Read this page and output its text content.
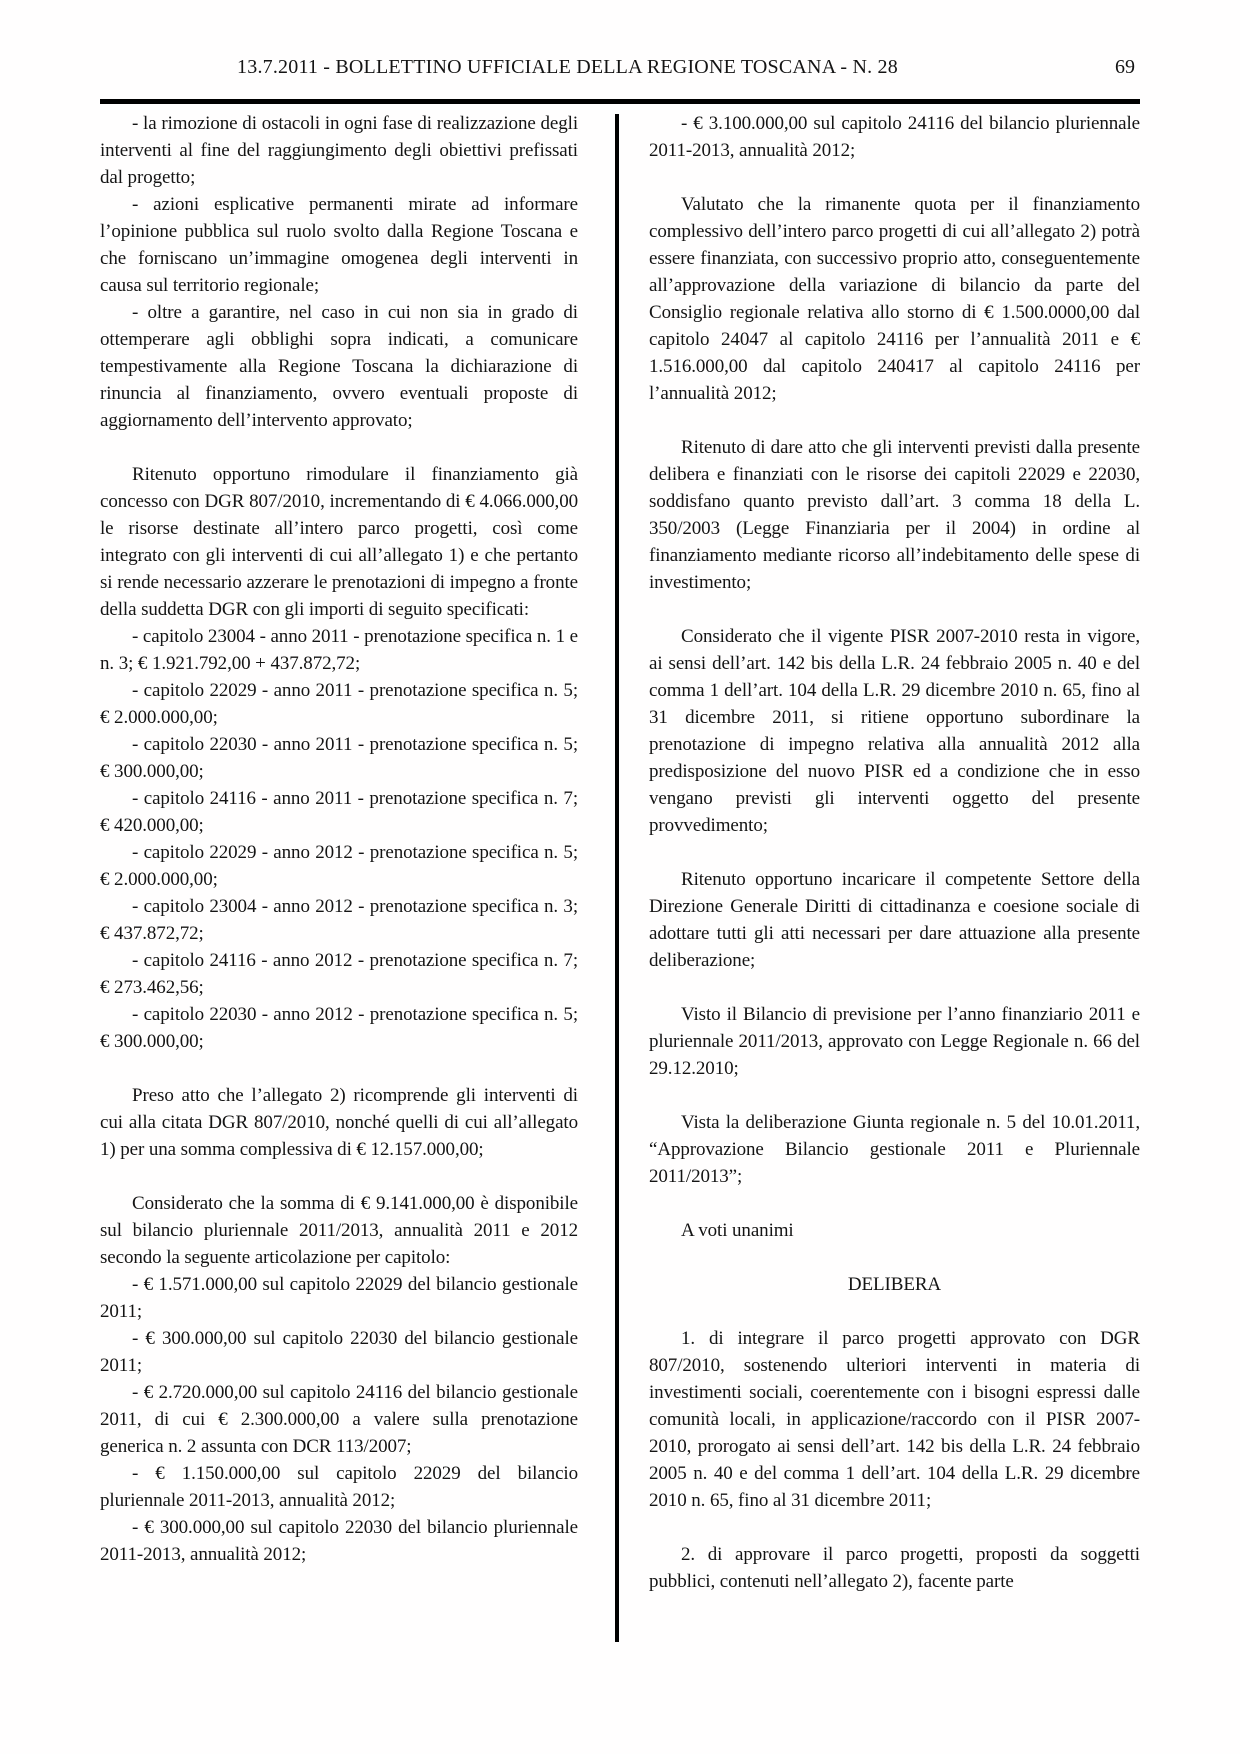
13.7.2011 - BOLLETTINO UFFICIALE DELLA REGIONE TOSCANA - N. 28	69

- la rimozione di ostacoli in ogni fase di realizzazione degli interventi al fine del raggiungimento degli obiettivi prefissati dal progetto;

- azioni esplicative permanenti mirate ad informare l’opinione pubblica sul ruolo svolto dalla Regione Toscana e che forniscano un’immagine omogenea degli interventi in causa sul territorio regionale;

- oltre a garantire, nel caso in cui non sia in grado di ottemperare agli obblighi sopra indicati, a comunicare tempestivamente alla Regione Toscana la dichiarazione di rinuncia al finanziamento, ovvero eventuali proposte di aggiornamento dell’intervento approvato;

Ritenuto opportuno rimodulare il finanziamento già concesso con DGR 807/2010, incrementando di € 4.066.000,00 le risorse destinate all’intero parco progetti, così come integrato con gli interventi di cui all’allegato 1) e che pertanto si rende necessario azzerare le prenotazioni di impegno a fronte della suddetta DGR con gli importi di seguito specificati:

- capitolo 23004 - anno 2011 - prenotazione specifica n. 1 e n. 3; € 1.921.792,00 + 437.872,72;

- capitolo 22029 - anno 2011 - prenotazione specifica n. 5; € 2.000.000,00;

- capitolo 22030 - anno 2011 - prenotazione specifica n. 5; € 300.000,00;

- capitolo 24116 - anno 2011 - prenotazione specifica n. 7; € 420.000,00;

- capitolo 22029 - anno 2012 - prenotazione specifica n. 5; € 2.000.000,00;

- capitolo 23004 - anno 2012 - prenotazione specifica n. 3; € 437.872,72;

- capitolo 24116 - anno 2012 - prenotazione specifica n. 7; € 273.462,56;

- capitolo 22030 - anno 2012 - prenotazione specifica n. 5; € 300.000,00;

Preso atto che l’allegato 2) ricomprende gli interventi di cui alla citata DGR 807/2010, nonché quelli di cui all’allegato 1) per una somma complessiva di € 12.157.000,00;

Considerato che la somma di € 9.141.000,00 è disponibile sul bilancio pluriennale 2011/2013, annualità 2011 e 2012 secondo la seguente articolazione per capitolo:

- € 1.571.000,00 sul capitolo 22029 del bilancio gestionale 2011;

- € 300.000,00 sul capitolo 22030 del bilancio gestionale 2011;

- € 2.720.000,00 sul capitolo 24116 del bilancio gestionale 2011, di cui € 2.300.000,00 a valere sulla prenotazione generica n. 2 assunta con DCR 113/2007;

- € 1.150.000,00 sul capitolo 22029 del bilancio pluriennale 2011-2013, annualità 2012;

- € 300.000,00 sul capitolo 22030 del bilancio pluriennale 2011-2013, annualità 2012;

- € 3.100.000,00 sul capitolo 24116 del bilancio pluriennale 2011-2013, annualità 2012;

Valutato che la rimanente quota per il finanziamento complessivo dell’intero parco progetti di cui all’allegato 2) potrà essere finanziata, con successivo proprio atto, conseguentemente all’approvazione della variazione di bilancio da parte del Consiglio regionale relativa allo storno di € 1.500.0000,00 dal capitolo 24047 al capitolo 24116 per l’annualità 2011 e € 1.516.000,00 dal capitolo 240417 al capitolo 24116 per l’annualità 2012;

Ritenuto di dare atto che gli interventi previsti dalla presente delibera e finanziati con le risorse dei capitoli 22029 e 22030, soddisfano quanto previsto dall’art. 3 comma 18 della L. 350/2003 (Legge Finanziaria per il 2004) in ordine al finanziamento mediante ricorso all’indebitamento delle spese di investimento;

Considerato che il vigente PISR 2007-2010 resta in vigore, ai sensi dell’art. 142 bis della L.R. 24 febbraio 2005 n. 40 e del comma 1 dell’art. 104 della L.R. 29 dicembre 2010 n. 65, fino al 31 dicembre 2011, si ritiene opportuno subordinare la prenotazione di impegno relativa alla annualità 2012 alla predisposizione del nuovo PISR ed a condizione che in esso vengano previsti gli interventi oggetto del presente provvedimento;

Ritenuto opportuno incaricare il competente Settore della Direzione Generale Diritti di cittadinanza e coesione sociale di adottare tutti gli atti necessari per dare attuazione alla presente deliberazione;

Visto il Bilancio di previsione per l’anno finanziario 2011 e pluriennale 2011/2013, approvato con Legge Regionale n. 66 del 29.12.2010;

Vista la deliberazione Giunta regionale n. 5 del 10.01.2011, “Approvazione Bilancio gestionale 2011 e Pluriennale 2011/2013”;

A voti unanimi

DELIBERA

1. di integrare il parco progetti approvato con DGR 807/2010, sostenendo ulteriori interventi in materia di investimenti sociali, coerentemente con i bisogni espressi dalle comunità locali, in applicazione/raccordo con il PISR 2007-2010, prorogato ai sensi dell’art. 142 bis della L.R. 24 febbraio 2005 n. 40 e del comma 1 dell’art. 104 della L.R. 29 dicembre 2010 n. 65, fino al 31 dicembre 2011;

2. di approvare il parco progetti, proposti da soggetti pubblici, contenuti nell’allegato 2), facente parte
